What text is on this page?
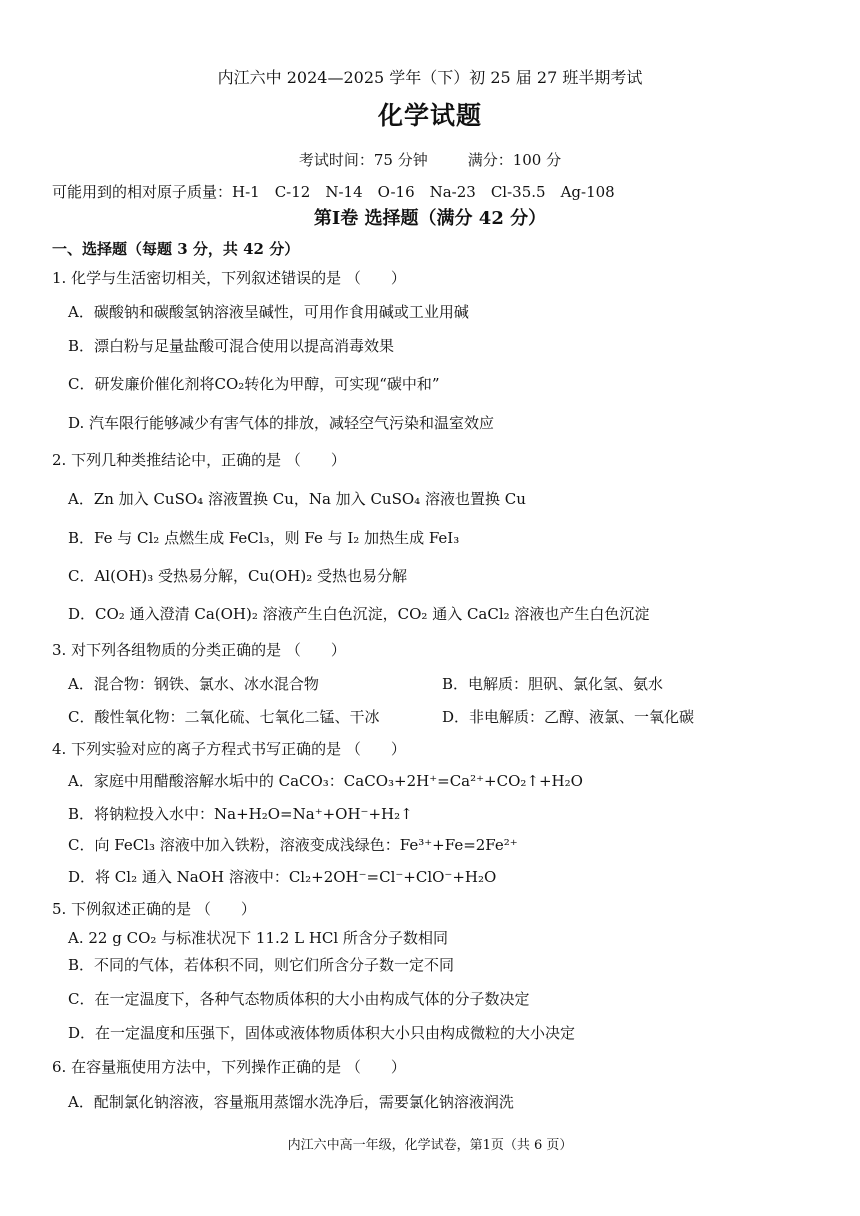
内江六中 2024—2025 学年（下）初 25 届 27 班半期考试
化学试题
考试时间：75 分钟	满分：100 分
可能用到的相对原子质量：H-1　C-12　N-14　O-16　Na-23　Cl-35.5　Ag-108
第Ⅰ卷 选择题（满分 42 分）
一、选择题（每题 3 分，共 42 分）
1. 化学与生活密切相关，下列叙述错误的是 （　　）
A．碳酸钠和碳酸氢钠溶液呈碱性，可用作食用碱或工业用碱
B．漂白粉与足量盐酸可混合使用以提高消毒效果
C．研发廉价催化剂将CO₂转化为甲醇，可实现“碳中和”
D. 汽车限行能够减少有害气体的排放，减轻空气污染和温室效应
2. 下列几种类推结论中，正确的是 （　　）
A．Zn 加入 CuSO₄ 溶液置换 Cu，Na 加入 CuSO₄ 溶液也置换 Cu
B．Fe 与 Cl₂ 点燃生成 FeCl₃，则 Fe 与 I₂ 加热生成 FeI₃
C．Al(OH)₃ 受热易分解，Cu(OH)₂ 受热也易分解
D．CO₂ 通入澄清 Ca(OH)₂ 溶液产生白色沉淀，CO₂ 通入 CaCl₂ 溶液也产生白色沉淀
3. 对下列各组物质的分类正确的是 （　　）
A．混合物：钢铁、氯水、冰水混合物	B．电解质：胆矾、氯化氢、氨水
C．酸性氧化物：二氧化硫、七氧化二锰、干冰	D．非电解质：乙醇、液氯、一氧化碳
4. 下列实验对应的离子方程式书写正确的是 （　　）
A．家庭中用醋酸溶解水垢中的 CaCO₃：CaCO₃+2H⁺=Ca²⁺+CO₂↑+H₂O
B．将钠粒投入水中：Na+H₂O=Na⁺+OH⁻+H₂↑
C．向 FeCl₃ 溶液中加入铁粉，溶液变成浅绿色：Fe³⁺+Fe=2Fe²⁺
D．将 Cl₂ 通入 NaOH 溶液中：Cl₂+2OH⁻=Cl⁻+ClO⁻+H₂O
5. 下例叙述正确的是 （　　）
A. 22 g CO₂ 与标准状况下 11.2 L HCl 所含分子数相同
B．不同的气体，若体积不同，则它们所含分子数一定不同
C．在一定温度下，各种气态物质体积的大小由构成气体的分子数决定
D．在一定温度和压强下，固体或液体物质体积大小只由构成微粒的大小决定
6. 在容量瓶使用方法中，下列操作正确的是 （　　）
A．配制氯化钠溶液，容量瓶用蒸馏水洗净后，需要氯化钠溶液润洗
内江六中高一年级，化学试卷，第1页（共 6 页）
